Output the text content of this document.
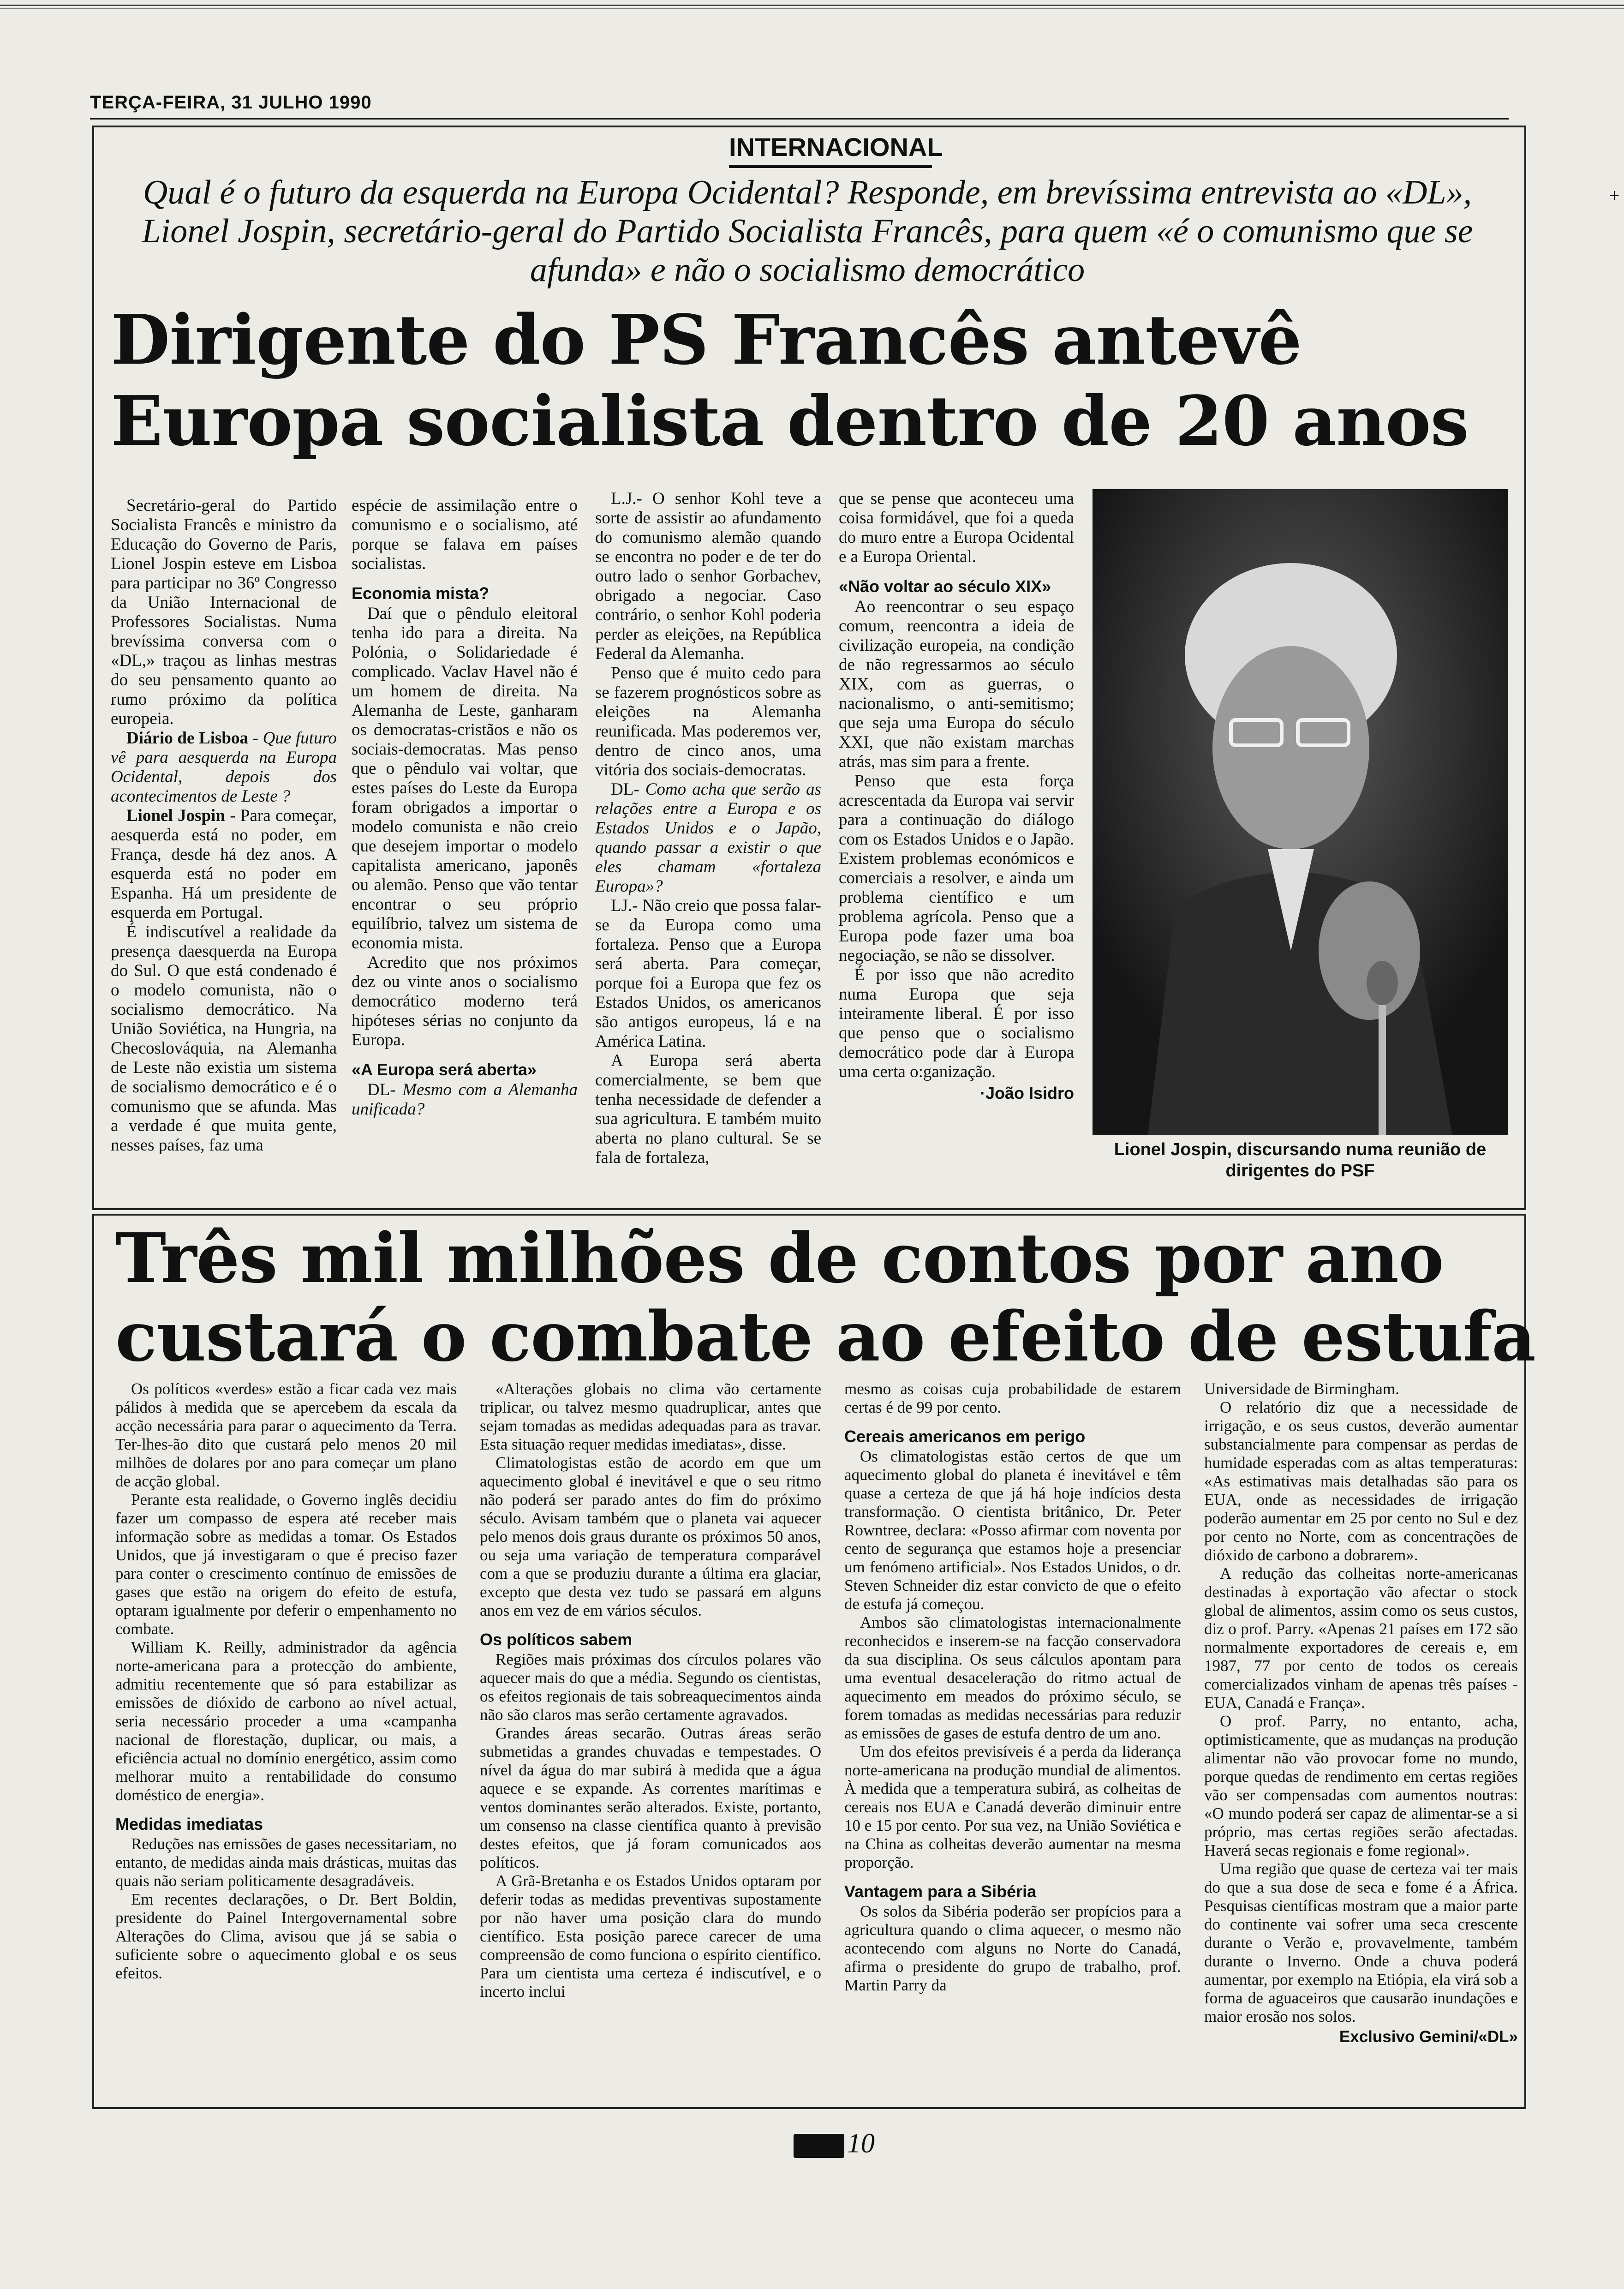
TERÇA-FEIRA, 31 JULHO 1990
+
INTERNACIONAL
Qual é o futuro da esquerda na Europa Ocidental? Responde, em brevíssima entrevista ao «DL», Lionel Jospin, secretário-geral do Partido Socialista Francês, para quem «é o comunismo que se afunda» e não o socialismo democrático
Dirigente do PS Francês antevê
Europa socialista dentro de 20 anos

Secretário-geral do Partido Socialista Francês e ministro da Educação do Governo de Paris, Lionel Jospin esteve em Lisboa para participar no 36º Congresso da União Internacional de Professores Socialistas. Numa brevíssima conversa com o «DL,» traçou as linhas mestras do seu pensamento quanto ao rumo próximo da política europeia.

Diário de Lisboa - Que futuro vê para aesquerda na Europa Ocidental, depois dos acontecimentos de Leste ?

Lionel Jospin - Para começar, aesquerda está no poder, em França, desde há dez anos. A esquerda está no poder em Espanha. Há um presidente de esquerda em Portugal.

É indiscutível a realidade da presença daesquerda na Europa do Sul. O que está condenado é o modelo comunista, não o socialismo democrático. Na União Soviética, na Hungria, na Checoslováquia, na Alemanha de Leste não existia um sistema de socialismo democrático e é o comunismo que se afunda. Mas a verdade é que muita gente, nesses países, faz uma

espécie de assimilação entre o comunismo e o socialismo, até porque se falava em países socialistas.

Economia mista?

Daí que o pêndulo eleitoral tenha ido para a direita. Na Polónia, o Solidariedade é complicado. Vaclav Havel não é um homem de direita. Na Alemanha de Leste, ganharam os democratas-cristãos e não os sociais-democratas. Mas penso que o pêndulo vai voltar, que estes países do Leste da Europa foram obrigados a importar o modelo comunista e não creio que desejem importar o modelo capitalista americano, japonês ou alemão. Penso que vão tentar encontrar o seu próprio equilíbrio, talvez um sistema de economia mista.

Acredito que nos próximos dez ou vinte anos o socialismo democrático moderno terá hipóteses sérias no conjunto da Europa.

«A Europa será aberta»

DL- Mesmo com a Alemanha unificada?

L.J.- O senhor Kohl teve a sorte de assistir ao afundamento do comunismo alemão quando se encontra no poder e de ter do outro lado o senhor Gorbachev, obrigado a negociar. Caso contrário, o senhor Kohl poderia perder as eleições, na República Federal da Alemanha.

Penso que é muito cedo para se fazerem prognósticos sobre as eleições na Alemanha reunificada. Mas poderemos ver, dentro de cinco anos, uma vitória dos sociais-democratas.

DL- Como acha que serão as relações entre a Europa e os Estados Unidos e o Japão, quando passar a existir o que eles chamam «fortaleza Europa»?

LJ.- Não creio que possa falar-se da Europa como uma fortaleza. Penso que a Europa será aberta. Para começar, porque foi a Europa que fez os Estados Unidos, os americanos são antigos europeus, lá e na América Latina.

A Europa será aberta comercialmente, se bem que tenha necessidade de defender a sua agricultura. E também muito aberta no plano cultural. Se se fala de fortaleza,

que se pense que aconteceu uma coisa formidável, que foi a queda do muro entre a Europa Ocidental e a Europa Oriental.

«Não voltar ao século XIX»

Ao reencontrar o seu espaço comum, reencontra a ideia de civilização europeia, na condição de não regressarmos ao século XIX, com as guerras, o nacionalismo, o anti-semitismo; que seja uma Europa do século XXI, que não existam marchas atrás, mas sim para a frente.

Penso que esta força acrescentada da Europa vai servir para a continuação do diálogo com os Estados Unidos e o Japão. Existem problemas económicos e comerciais a resolver, e ainda um problema científico e um problema agrícola. Penso que a Europa pode fazer uma boa negociação, se não se dissolver.

É por isso que não acredito numa Europa que seja inteiramente liberal. É por isso que penso que o socialismo democrático pode dar à Europa uma certa o:ganização.

·João Isidro
Lionel Jospin, discursando numa reunião de dirigentes do PSF
Três mil milhões de contos por ano
custará o combate ao efeito de estufa

Os políticos «verdes» estão a ficar cada vez mais pálidos à medida que se apercebem da escala da acção necessária para parar o aquecimento da Terra. Ter-lhes-ão dito que custará pelo menos 20 mil milhões de dolares por ano para começar um plano de acção global.

Perante esta realidade, o Governo inglês decidiu fazer um compasso de espera até receber mais informação sobre as medidas a tomar. Os Estados Unidos, que já investigaram o que é preciso fazer para conter o crescimento contínuo de emissões de gases que estão na origem do efeito de estufa, optaram igualmente por deferir o empenhamento no combate.

William K. Reilly, administrador da agência norte-americana para a protecção do ambiente, admitiu recentemente que só para estabilizar as emissões de dióxido de carbono ao nível actual, seria necessário proceder a uma «campanha nacional de florestação, duplicar, ou mais, a eficiência actual no domínio energético, assim como melhorar muito a rentabilidade do consumo doméstico de energia».

Medidas imediatas

Reduções nas emissões de gases necessitariam, no entanto, de medidas ainda mais drásticas, muitas das quais não seriam politicamente desagradáveis.

Em recentes declarações, o Dr. Bert Boldin, presidente do Painel Intergovernamental sobre Alterações do Clima, avisou que já se sabia o suficiente sobre o aquecimento global e os seus efeitos.

«Alterações globais no clima vão certamente triplicar, ou talvez mesmo quadruplicar, antes que sejam tomadas as medidas adequadas para as travar. Esta situação requer medidas imediatas», disse.

Climatologistas estão de acordo em que um aquecimento global é inevitável e que o seu ritmo não poderá ser parado antes do fim do próximo século. Avisam também que o planeta vai aquecer pelo menos dois graus durante os próximos 50 anos, ou seja uma variação de temperatura comparável com a que se produziu durante a última era glaciar, excepto que desta vez tudo se passará em alguns anos em vez de em vários séculos.

Os políticos sabem

Regiões mais próximas dos círculos polares vão aquecer mais do que a média. Segundo os cientistas, os efeitos regionais de tais sobreaquecimentos ainda não são claros mas serão certamente agravados.

Grandes áreas secarão. Outras áreas serão submetidas a grandes chuvadas e tempestades. O nível da água do mar subirá à medida que a água aquece e se expande. As correntes marítimas e ventos dominantes serão alterados. Existe, portanto, um consenso na classe científica quanto à previsão destes efeitos, que já foram comunicados aos políticos.

A Grã-Bretanha e os Estados Unidos optaram por deferir todas as medidas preventivas supostamente por não haver uma posição clara do mundo científico. Esta posição parece carecer de uma compreensão de como funciona o espírito científico. Para um cientista uma certeza é indiscutível, e o incerto inclui

mesmo as coisas cuja probabilidade de estarem certas é de 99 por cento.

Cereais americanos em perigo

Os climatologistas estão certos de que um aquecimento global do planeta é inevitável e têm quase a certeza de que já há hoje indícios desta transformação. O cientista britânico, Dr. Peter Rowntree, declara: «Posso afirmar com noventa por cento de segurança que estamos hoje a presenciar um fenómeno artificial». Nos Estados Unidos, o dr. Steven Schneider diz estar convicto de que o efeito de estufa já começou.

Ambos são climatologistas internacionalmente reconhecidos e inserem-se na facção conservadora da sua disciplina. Os seus cálculos apontam para uma eventual desaceleração do ritmo actual de aquecimento em meados do próximo século, se forem tomadas as medidas necessárias para reduzir as emissões de gases de estufa dentro de um ano.

Um dos efeitos previsíveis é a perda da liderança norte-americana na produção mundial de alimentos. À medida que a temperatura subirá, as colheitas de cereais nos EUA e Canadá deverão diminuir entre 10 e 15 por cento. Por sua vez, na União Soviética e na China as colheitas deverão aumentar na mesma proporção.

Vantagem para a Sibéria

Os solos da Sibéria poderão ser propícios para a agricultura quando o clima aquecer, o mesmo não acontecendo com alguns no Norte do Canadá, afirma o presidente do grupo de trabalho, prof. Martin Parry da

Universidade de Birmingham.

O relatório diz que a necessidade de irrigação, e os seus custos, deverão aumentar substancialmente para compensar as perdas de humidade esperadas com as altas temperaturas: «As estimativas mais detalhadas são para os EUA, onde as necessidades de irrigação poderão aumentar em 25 por cento no Sul e dez por cento no Norte, com as concentrações de dióxido de carbono a dobrarem».

A redução das colheitas norte-americanas destinadas à exportação vão afectar o stock global de alimentos, assim como os seus custos, diz o prof. Parry. «Apenas 21 países em 172 são normalmente exportadores de cereais e, em 1987, 77 por cento de todos os cereais comercializados vinham de apenas três países - EUA, Canadá e França».

O prof. Parry, no entanto, acha, optimisticamente, que as mudanças na produção alimentar não vão provocar fome no mundo, porque quedas de rendimento em certas regiões vão ser compensadas com aumentos noutras: «O mundo poderá ser capaz de alimentar-se a si próprio, mas certas regiões serão afectadas. Haverá secas regionais e fome regional».

Uma região que quase de certeza vai ter mais do que a sua dose de seca e fome é a África. Pesquisas científicas mostram que a maior parte do continente vai sofrer uma seca crescente durante o Verão e, provavelmente, também durante o Inverno. Onde a chuva poderá aumentar, por exemplo na Etiópia, ela virá sob a forma de aguaceiros que causarão inundações e maior erosão nos solos.

Exclusivo Gemini/«DL»
10
